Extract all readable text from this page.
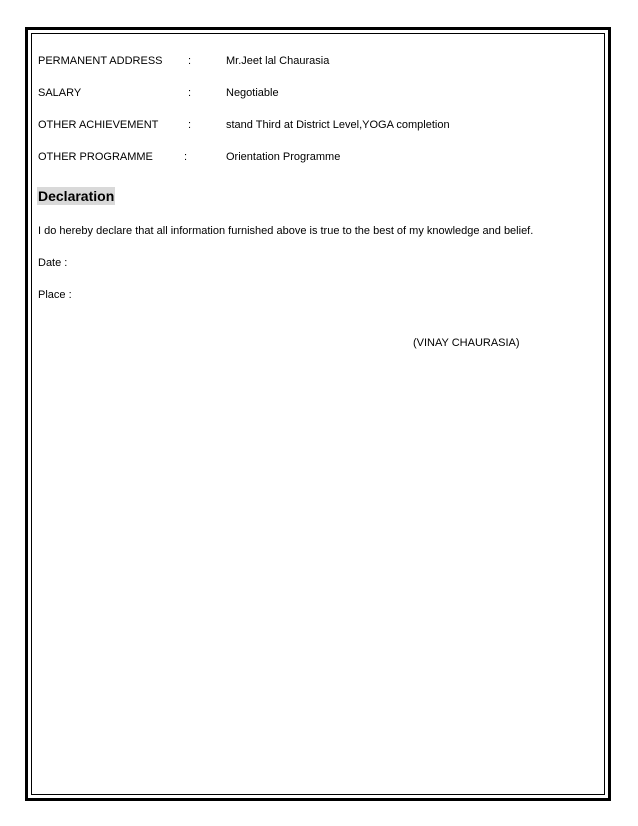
PERMANENT ADDRESS :	Mr.Jeet lal Chaurasia
SALARY	:	Negotiable
OTHER ACHIEVEMENT	:	stand Third at District Level,YOGA completion
OTHER PROGRAMME	:	Orientation Programme
Declaration
I do hereby declare that all information furnished above is true to the best of my knowledge and belief.
Date :
Place :
(VINAY CHAURASIA)
